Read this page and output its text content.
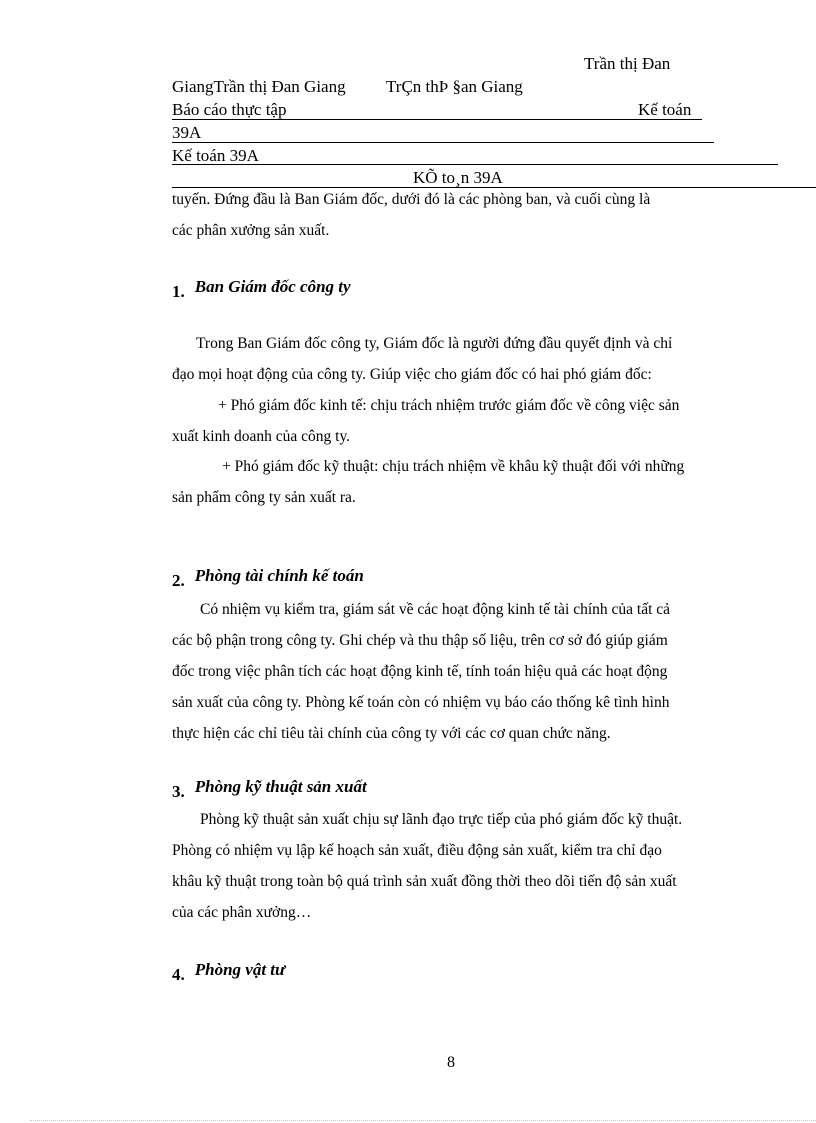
Trần thị Đan
GiangTrần thị Đan Giang TrÇn thÞ §an Giang
Báo cáo thực tập	Kế toán
39A
Kế toán 39A
KÕ to¸n 39A
tuyến. Đứng đầu là Ban Giám đốc, dưới đó là các phòng ban, và cuối cùng là
các phân xưởng sản xuất.
1. Ban Giám đốc công ty
Trong Ban Giám đốc công ty, Giám đốc là người đứng đầu quyết định và chỉ
đạo mọi hoạt động của công ty. Giúp việc cho giám đốc có hai phó giám đốc:
+ Phó giám đốc kinh tế: chịu trách nhiệm trước giám đốc về công việc sản
xuất kinh doanh của công ty.
+ Phó giám đốc kỹ thuật: chịu trách nhiệm về khâu kỹ thuật đối với những
sản phẩm công ty sản xuất ra.
2. Phòng tài chính kế toán
Có nhiệm vụ kiểm tra, giám sát về các hoạt động kinh tế tài chính của tất cả
các bộ phận trong công ty. Ghi chép và thu thập số liệu, trên cơ sở đó giúp giám
đốc trong việc phân tích các hoạt động kinh tế, tính toán hiệu quả các hoạt động
sản xuất của công ty. Phòng kế toán còn có nhiệm vụ báo cáo thống kê tình hình
thực hiện các chỉ tiêu tài chính của công ty với các cơ quan chức năng.
3. Phòng kỹ thuật sản xuất
Phòng kỹ thuật sản xuất chịu sự lãnh đạo trực tiếp của phó giám đốc kỹ thuật.
Phòng có nhiệm vụ lập kế hoạch sản xuất, điều động sản xuất, kiểm tra chỉ đạo
khâu kỹ thuật trong toàn bộ quá trình sản xuất đồng thời theo dõi tiến độ sản xuất
của các phân xưởng…
4. Phòng vật tư
8
